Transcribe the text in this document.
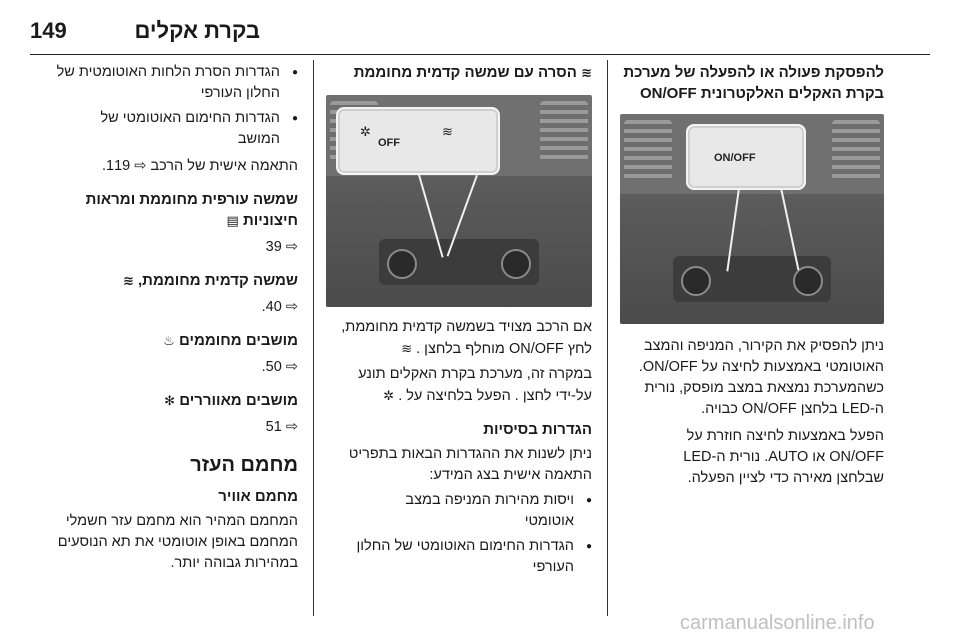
בקרת אקלים
149
להפסקת פעולה או להפעלה של מערכת
בקרת האקלים האלקטרונית ON/OFF
ON/OFF

ניתן להפסיק את הקירור, המניפה והמצב

האוטומטי באמצעות לחיצה על ON/OFF.

כשהמערכת נמצאת במצב מופסק, נורית

ה-LED בלחצן ON/OFF כבויה.

הפעל באמצעות לחיצה חוזרת על

ON/OFF או AUTO. נורית ה-LED

שבלחצן מאירה כדי לציין הפעלה.

≋ הסרה עם שמשה קדמית מחוממת
✲
OFF
≋

אם הרכב מצויד בשמשה קדמית מחוממת,

לחץ ON/OFF מוחלף בלחצן . ≋

במקרה זה, מערכת בקרת האקלים תונע

על-ידי לחצן . הפעל בלחיצה על . ✲

הגדרות בסיסיות

ניתן לשנות את ההגדרות הבאות בתפריט

התאמה אישית בצג המידע:

● ויסות מהירות המניפה במצב

אוטומטי

● הגדרות החימום האוטומטי של החלון

העורפי

● הגדרות הסרת הלחות האוטומטית של

החלון העורפי

● הגדרות החימום האוטומטי של

המושב

התאמה אישית של הרכב ⇨ 119.

שמשה עורפית מחוממת ומראות
חיצוניות ▤

⇨ 39

שמשה קדמית מחוממת, ≋

⇨ 40.

מושבים מחוממים ♨

⇨ 50.

מושבים מאווררים ✻

⇨ 51

מחמם העזר
מחמם אוויר

המחמם המהיר הוא מחמם עזר חשמלי

המחמם באופן אוטומטי את תא הנוסעים

במהירות גבוהה יותר.

carmanualsonline.info
